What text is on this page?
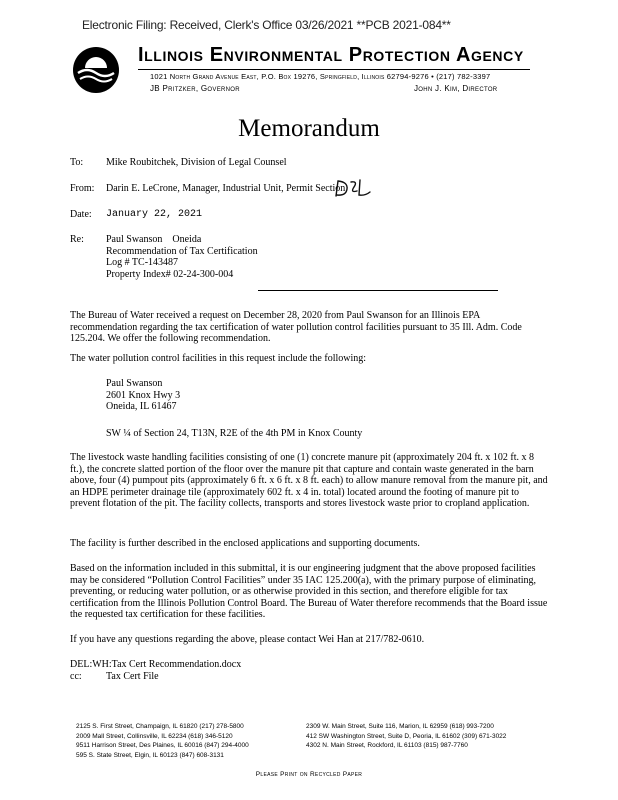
Electronic Filing: Received, Clerk's Office 03/26/2021 **PCB 2021-084**
Illinois Environmental Protection Agency
1021 North Grand Avenue East, P.O. Box 19276, Springfield, Illinois 62794-9276 • (217) 782-3397
JB Pritzker, Governor	John J. Kim, Director
Memorandum
To: Mike Roubitchek, Division of Legal Counsel
From: Darin E. LeCrone, Manager, Industrial Unit, Permit Section
Date: January 22, 2021
Re: Paul Swanson    Oneida
Recommendation of Tax Certification
Log # TC-143487
Property Index# 02-24-300-004

The Bureau of Water received a request on December 28, 2020 from Paul Swanson for an Illinois EPA recommendation regarding the tax certification of water pollution control facilities pursuant to 35 Ill. Adm. Code 125.204. We offer the following recommendation.

The water pollution control facilities in this request include the following:

Paul Swanson
2601 Knox Hwy 3
Oneida, IL 61467
SW ¼ of Section 24, T13N, R2E of the 4th PM in Knox County

The livestock waste handling facilities consisting of one (1) concrete manure pit (approximately 204 ft. x 102 ft. x 8 ft.), the concrete slatted portion of the floor over the manure pit that capture and contain waste generated in the barn above, four (4) pumpout pits (approximately 6 ft. x 6 ft. x 8 ft. each) to allow manure removal from the manure pit, and an HDPE perimeter drainage tile (approximately 602 ft. x 4 in. total) located around the footing of manure pit to prevent flotation of the pit. The facility collects, transports and stores livestock waste prior to cropland application.

The facility is further described in the enclosed applications and supporting documents.

Based on the information included in this submittal, it is our engineering judgment that the above proposed facilities may be considered “Pollution Control Facilities” under 35 IAC 125.200(a), with the primary purpose of eliminating, preventing, or reducing water pollution, or as otherwise provided in this section, and therefore eligible for tax certification from the Illinois Pollution Control Board. The Bureau of Water therefore recommends that the Board issue the requested tax certification for these facilities.

If you have any questions regarding the above, please contact Wei Han at 217/782-0610.

DEL:WH:Tax Cert Recommendation.docx
cc: Tax Cert File
2125 S. First Street, Champaign, IL 61820 (217) 278-5800
2009 Mall Street, Collinsville, IL 62234 (618) 346-5120
9511 Harrison Street, Des Plaines, IL 60016 (847) 294-4000
595 S. State Street, Elgin, IL 60123 (847) 608-3131
2309 W. Main Street, Suite 116, Marion, IL 62959 (618) 993-7200
412 SW Washington Street, Suite D, Peoria, IL 61602 (309) 671-3022
4302 N. Main Street, Rockford, IL 61103 (815) 987-7760
Please Print on Recycled Paper
